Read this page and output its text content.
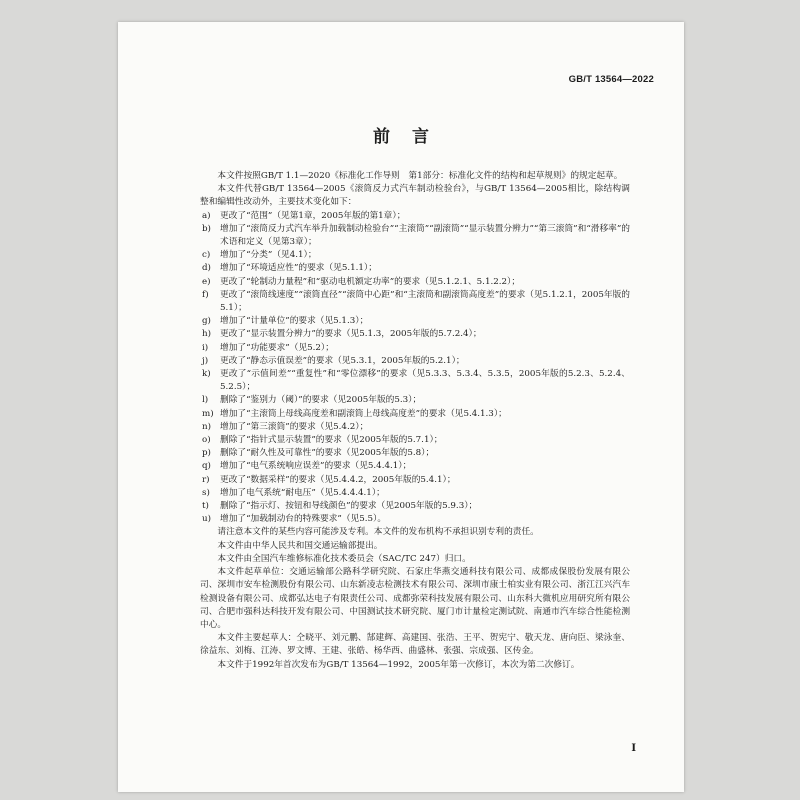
GB/T 13564—2022
前言

本文件按照GB/T 1.1—2020《标准化工作导则　第1部分：标准化文件的结构和起草规则》的规定起草。

本文件代替GB/T 13564—2005《滚筒反力式汽车制动检验台》，与GB/T 13564—2005相比，除结构调整和编辑性改动外，主要技术变化如下：

a)	更改了“范围”（见第1章，2005年版的第1章）；
b)	增加了“滚筒反力式汽车举升加载制动检验台”“主滚筒”“副滚筒”“显示装置分辨力”“第三滚筒”和“滑移率”的术语和定义（见第3章）；
c)	增加了“分类”（见4.1）；
d)	增加了“环境适应性”的要求（见5.1.1）；
e)	更改了“轮制动力量程”和“驱动电机额定功率”的要求（见5.1.2.1、5.1.2.2）；
f)	更改了“滚筒线速度”“滚筒直径”“滚筒中心距”和“主滚筒和副滚筒高度差”的要求（见5.1.2.1，2005年版的5.1）；
g)	增加了“计量单位”的要求（见5.1.3）；
h)	更改了“显示装置分辨力”的要求（见5.1.3，2005年版的5.7.2.4）；
i)	增加了“功能要求”（见5.2）；
j)	更改了“静态示值误差”的要求（见5.3.1，2005年版的5.2.1）；
k)	更改了“示值间差”“重复性”和“零位漂移”的要求（见5.3.3、5.3.4、5.3.5，2005年版的5.2.3、5.2.4、5.2.5）；
l)	删除了“鉴别力（阈）”的要求（见2005年版的5.3）；
m) 增加了“主滚筒上母线高度差和副滚筒上母线高度差”的要求（见5.4.1.3）；
n)	增加了“第三滚筒”的要求（见5.4.2）；
o)	删除了“指针式显示装置”的要求（见2005年版的5.7.1）；
p)	删除了“耐久性及可靠性”的要求（见2005年版的5.8）；
q)	增加了“电气系统响应误差”的要求（见5.4.4.1）；
r)	更改了“数据采样”的要求（见5.4.4.2，2005年版的5.4.1）；
s)	增加了电气系统“耐电压”（见5.4.4.4.1）；
t)	删除了“指示灯、按钮和导线颜色”的要求（见2005年版的5.9.3）；
u)	增加了“加载制动台的特殊要求”（见5.5）。

请注意本文件的某些内容可能涉及专利。本文件的发布机构不承担识别专利的责任。

本文件由中华人民共和国交通运输部提出。

本文件由全国汽车维修标准化技术委员会（SAC/TC 247）归口。

本文件起草单位：交通运输部公路科学研究院、石家庄华燕交通科技有限公司、成都成保股份发展有限公司、深圳市安车检测股份有限公司、山东新凌志检测技术有限公司、深圳市康士柏实业有限公司、浙江江兴汽车检测设备有限公司、成都弘达电子有限责任公司、成都弥荣科技发展有限公司、山东科大微机应用研究所有限公司、合肥市强科达科技开发有限公司、中国测试技术研究院、厦门市计量检定测试院、南通市汽车综合性能检测中心。

本文件主要起草人：仝晓平、刘元鹏、郜建辉、高建国、张浩、王平、贺宪宁、敬天龙、唐向臣、梁泳奎、徐益东、刘梅、江涛、罗文博、王建、张皓、杨华西、曲盛林、张强、宗成强、区传金。

本文件于1992年首次发布为GB/T 13564—1992，2005年第一次修订，本次为第二次修订。

I
